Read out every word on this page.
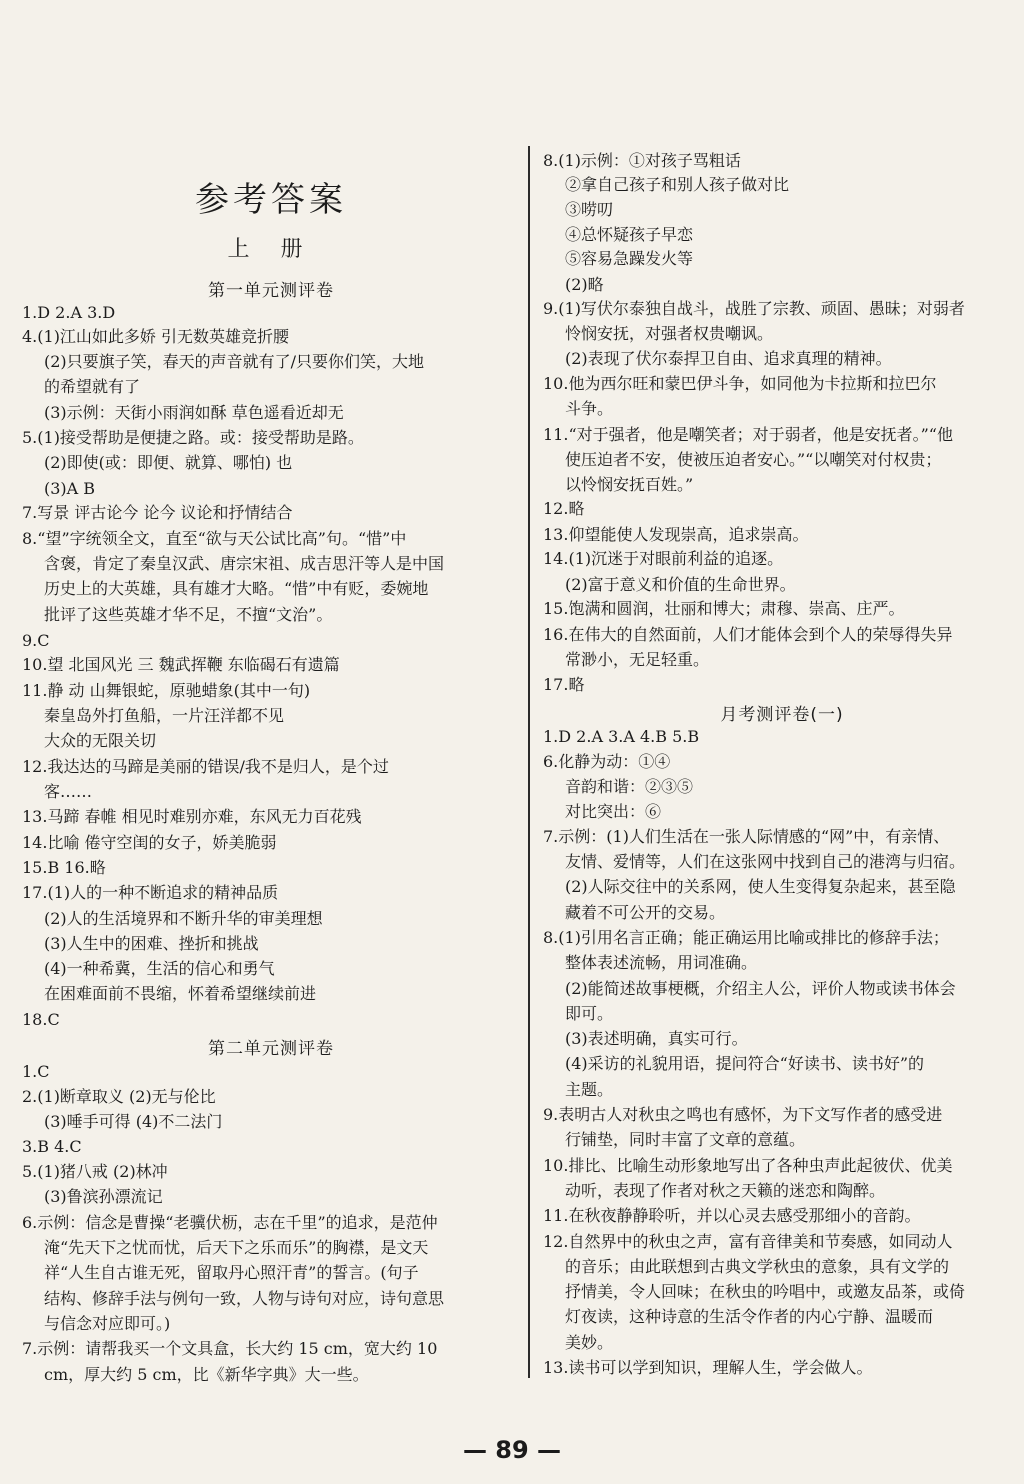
参考答案
上 册
第一单元测评卷
1.D 2.A 3.D
4.(1)江山如此多娇 引无数英雄竞折腰
(2)只要旗子笑，春天的声音就有了/只要你们笑，大地
的希望就有了
(3)示例：天街小雨润如酥 草色遥看近却无
5.(1)接受帮助是便捷之路。或：接受帮助是路。
(2)即使(或：即便、就算、哪怕) 也
(3)A B
7.写景 评古论今 论今 议论和抒情结合
8.“望”字统领全文，直至“欲与天公试比高”句。“惜”中
含褒，肯定了秦皇汉武、唐宗宋祖、成吉思汗等人是中国
历史上的大英雄，具有雄才大略。“惜”中有贬，委婉地
批评了这些英雄才华不足，不擅“文治”。
9.C
10.望 北国风光 三 魏武挥鞭 东临碣石有遗篇
11.静 动 山舞银蛇，原驰蜡象(其中一句)
秦皇岛外打鱼船，一片汪洋都不见
大众的无限关切
12.我达达的马蹄是美丽的错误/我不是归人，是个过
客……
13.马蹄 春帷 相见时难别亦难，东风无力百花残
14.比喻 倦守空闺的女子，娇美脆弱
15.B 16.略
17.(1)人的一种不断追求的精神品质
(2)人的生活境界和不断升华的审美理想
(3)人生中的困难、挫折和挑战
(4)一种希冀，生活的信心和勇气
在困难面前不畏缩，怀着希望继续前进
18.C
第二单元测评卷
1.C
2.(1)断章取义 (2)无与伦比
(3)唾手可得 (4)不二法门
3.B 4.C
5.(1)猪八戒 (2)林冲
(3)鲁滨孙漂流记
6.示例：信念是曹操“老骥伏枥，志在千里”的追求，是范仲
淹“先天下之忧而忧，后天下之乐而乐”的胸襟，是文天
祥“人生自古谁无死，留取丹心照汗青”的誓言。(句子
结构、修辞手法与例句一致，人物与诗句对应，诗句意思
与信念对应即可。)
7.示例：请帮我买一个文具盒，长大约 15 cm，宽大约 10
cm，厚大约 5 cm，比《新华字典》大一些。
8.(1)示例：①对孩子骂粗话
②拿自己孩子和别人孩子做对比
③唠叨
④总怀疑孩子早恋
⑤容易急躁发火等
(2)略
9.(1)写伏尔泰独自战斗，战胜了宗教、顽固、愚昧；对弱者
怜悯安抚，对强者权贵嘲讽。
(2)表现了伏尔泰捍卫自由、追求真理的精神。
10.他为西尔旺和蒙巴伊斗争，如同他为卡拉斯和拉巴尔
斗争。
11.“对于强者，他是嘲笑者；对于弱者，他是安抚者。”“他
使压迫者不安，使被压迫者安心。”“以嘲笑对付权贵；
以怜悯安抚百姓。”
12.略
13.仰望能使人发现崇高，追求崇高。
14.(1)沉迷于对眼前利益的追逐。
(2)富于意义和价值的生命世界。
15.饱满和圆润，壮丽和博大；肃穆、崇高、庄严。
16.在伟大的自然面前，人们才能体会到个人的荣辱得失异
常渺小，无足轻重。
17.略
月考测评卷(一)
1.D 2.A 3.A 4.B 5.B
6.化静为动：①④
音韵和谐：②③⑤
对比突出：⑥
7.示例：(1)人们生活在一张人际情感的“网”中，有亲情、
友情、爱情等，人们在这张网中找到自己的港湾与归宿。
(2)人际交往中的关系网，使人生变得复杂起来，甚至隐
藏着不可公开的交易。
8.(1)引用名言正确；能正确运用比喻或排比的修辞手法；
整体表述流畅，用词准确。
(2)能简述故事梗概，介绍主人公，评价人物或读书体会
即可。
(3)表述明确，真实可行。
(4)采访的礼貌用语，提问符合“好读书、读书好”的
主题。
9.表明古人对秋虫之鸣也有感怀，为下文写作者的感受进
行铺垫，同时丰富了文章的意蕴。
10.排比、比喻生动形象地写出了各种虫声此起彼伏、优美
动听，表现了作者对秋之天籁的迷恋和陶醉。
11.在秋夜静静聆听，并以心灵去感受那细小的音韵。
12.自然界中的秋虫之声，富有音律美和节奏感，如同动人
的音乐；由此联想到古典文学秋虫的意象，具有文学的
抒情美，令人回味；在秋虫的吟唱中，或邀友品茶，或倚
灯夜读，这种诗意的生活令作者的内心宁静、温暖而
美妙。
13.读书可以学到知识，理解人生，学会做人。
— 89 —
